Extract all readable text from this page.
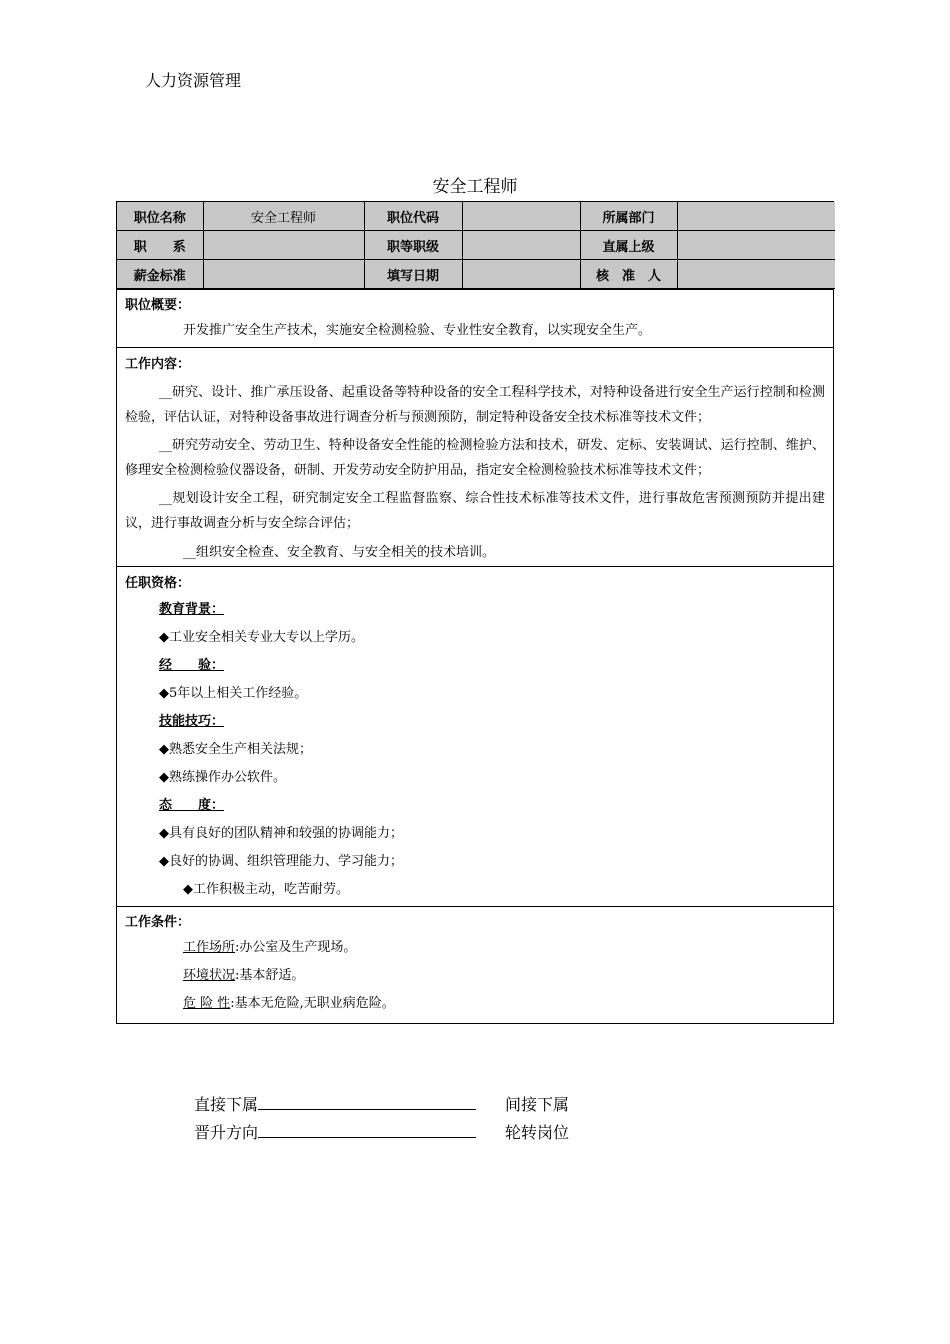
人力资源管理
安全工程师
职位名称	安全工程师	职位代码		所属部门	
职　　系		职等职级		直属上级	
薪金标准		填写日期		核　准　人	
职位概要：
开发推广安全生产技术，实施安全检测检验、专业性安全教育，以实现安全生产。
工作内容：
__研究、设计、推广承压设备、起重设备等特种设备的安全工程科学技术，对特种设备进行安全生产运行控制和检测检验，评估认证，对特种设备事故进行调查分析与预测预防，制定特种设备安全技术标准等技术文件；
__研究劳动安全、劳动卫生、特种设备安全性能的检测检验方法和技术，研发、定标、安装调试、运行控制、维护、修理安全检测检验仪器设备，研制、开发劳动安全防护用品，指定安全检测检验技术标准等技术文件；
__规划设计安全工程，研究制定安全工程监督监察、综合性技术标准等技术文件，进行事故危害预测预防并提出建议，进行事故调查分析与安全综合评估；
__组织安全检查、安全教育、与安全相关的技术培训。
任职资格：
教育背景：
◆工业安全相关专业大专以上学历。
经　　验：
◆5年以上相关工作经验。
技能技巧：
◆熟悉安全生产相关法规；
◆熟练操作办公软件。
态　　度：
◆具有良好的团队精神和较强的协调能力；
◆良好的协调、组织管理能力、学习能力；
◆工作积极主动，吃苦耐劳。
工作条件：
工作场所:办公室及生产现场。
环境状况:基本舒适。
危 险 性:基本无危险,无职业病危险。
直接下属	间接下属
晋升方向	轮转岗位
